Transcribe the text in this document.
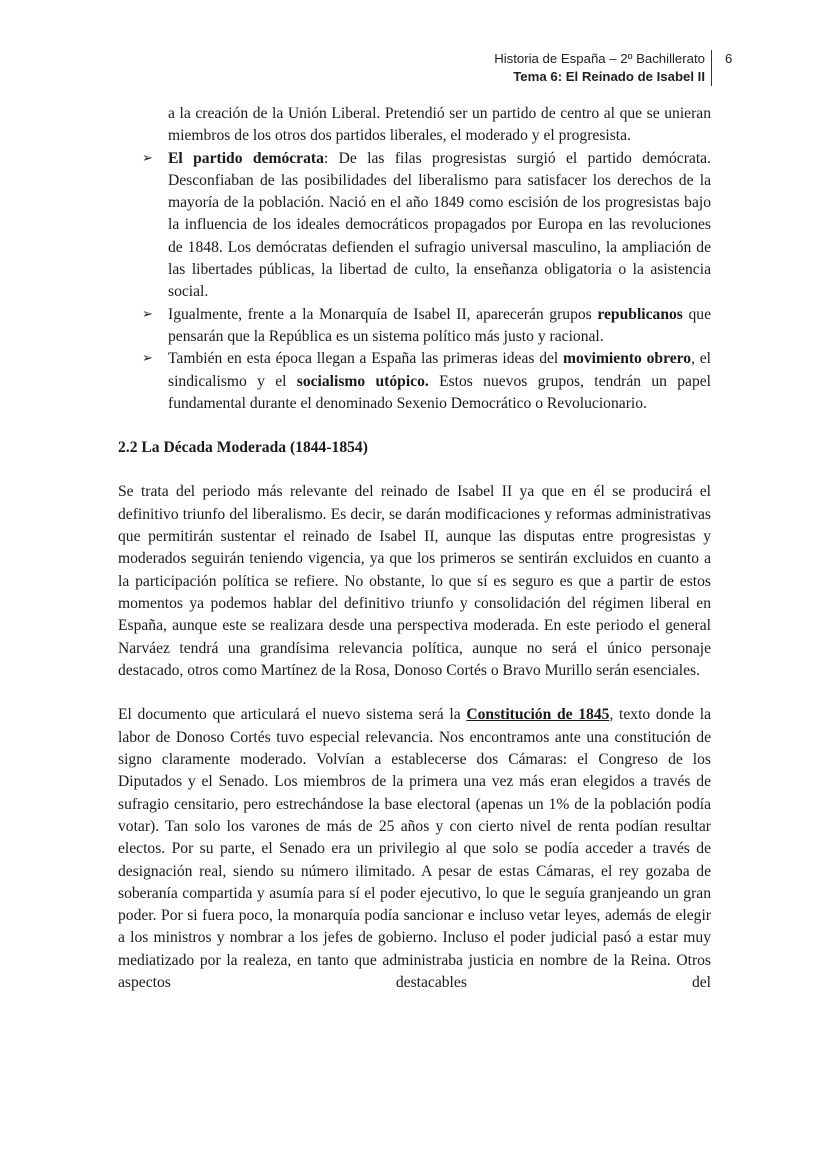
Historia de España – 2º Bachillerato
Tema 6: El Reinado de Isabel II
6

a la creación de la Unión Liberal. Pretendió ser un partido de centro al que se unieran miembros de los otros dos partidos liberales, el moderado y el progresista.

➢ El partido demócrata: De las filas progresistas surgió el partido demócrata. Desconfiaban de las posibilidades del liberalismo para satisfacer los derechos de la mayoría de la población. Nació en el año 1849 como escisión de los progresistas bajo la influencia de los ideales democráticos propagados por Europa en las revoluciones de 1848. Los demócratas defienden el sufragio universal masculino, la ampliación de las libertades públicas, la libertad de culto, la enseñanza obligatoria o la asistencia social.
➢ Igualmente, frente a la Monarquía de Isabel II, aparecerán grupos republicanos que pensarán que la República es un sistema político más justo y racional.
➢ También en esta época llegan a España las primeras ideas del movimiento obrero, el sindicalismo y el socialismo utópico. Estos nuevos grupos, tendrán un papel fundamental durante el denominado Sexenio Democrático o Revolucionario.
2.2 La Década Moderada (1844-1854)

Se trata del periodo más relevante del reinado de Isabel II ya que en él se producirá el definitivo triunfo del liberalismo. Es decir, se darán modificaciones y reformas administrativas que permitirán sustentar el reinado de Isabel II, aunque las disputas entre progresistas y moderados seguirán teniendo vigencia, ya que los primeros se sentirán excluidos en cuanto a la participación política se refiere. No obstante, lo que sí es seguro es que a partir de estos momentos ya podemos hablar del definitivo triunfo y consolidación del régimen liberal en España, aunque este se realizara desde una perspectiva moderada. En este periodo el general Narváez tendrá una grandísima relevancia política, aunque no será el único personaje destacado, otros como Martínez de la Rosa, Donoso Cortés o Bravo Murillo serán esenciales.

El documento que articulará el nuevo sistema será la Constitución de 1845, texto donde la labor de Donoso Cortés tuvo especial relevancia. Nos encontramos ante una constitución de signo claramente moderado. Volvían a establecerse dos Cámaras: el Congreso de los Diputados y el Senado. Los miembros de la primera una vez más eran elegidos a través de sufragio censitario, pero estrechándose la base electoral (apenas un 1% de la población podía votar). Tan solo los varones de más de 25 años y con cierto nivel de renta podían resultar electos. Por su parte, el Senado era un privilegio al que solo se podía acceder a través de designación real, siendo su número ilimitado. A pesar de estas Cámaras, el rey gozaba de soberanía compartida y asumía para sí el poder ejecutivo, lo que le seguía granjeando un gran poder. Por si fuera poco, la monarquía podía sancionar e incluso vetar leyes, además de elegir a los ministros y nombrar a los jefes de gobierno. Incluso el poder judicial pasó a estar muy mediatizado por la realeza, en tanto que administraba justicia en nombre de la Reina. Otros aspectos destacables del
